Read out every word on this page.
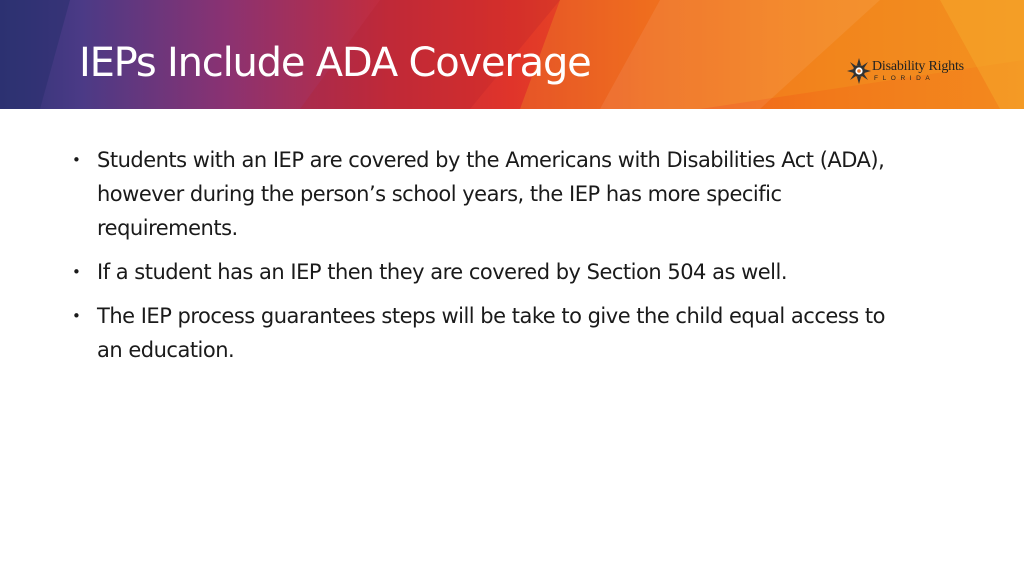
IEPs Include ADA Coverage	Disability Rights
FLORIDA
• Students with an IEP are covered by the Americans with Disabilities Act (ADA), however during the person’s school years, the IEP has more specific requirements.
• If a student has an IEP then they are covered by Section 504 as well.
• The IEP process guarantees steps will be take to give the child equal access to an education.
